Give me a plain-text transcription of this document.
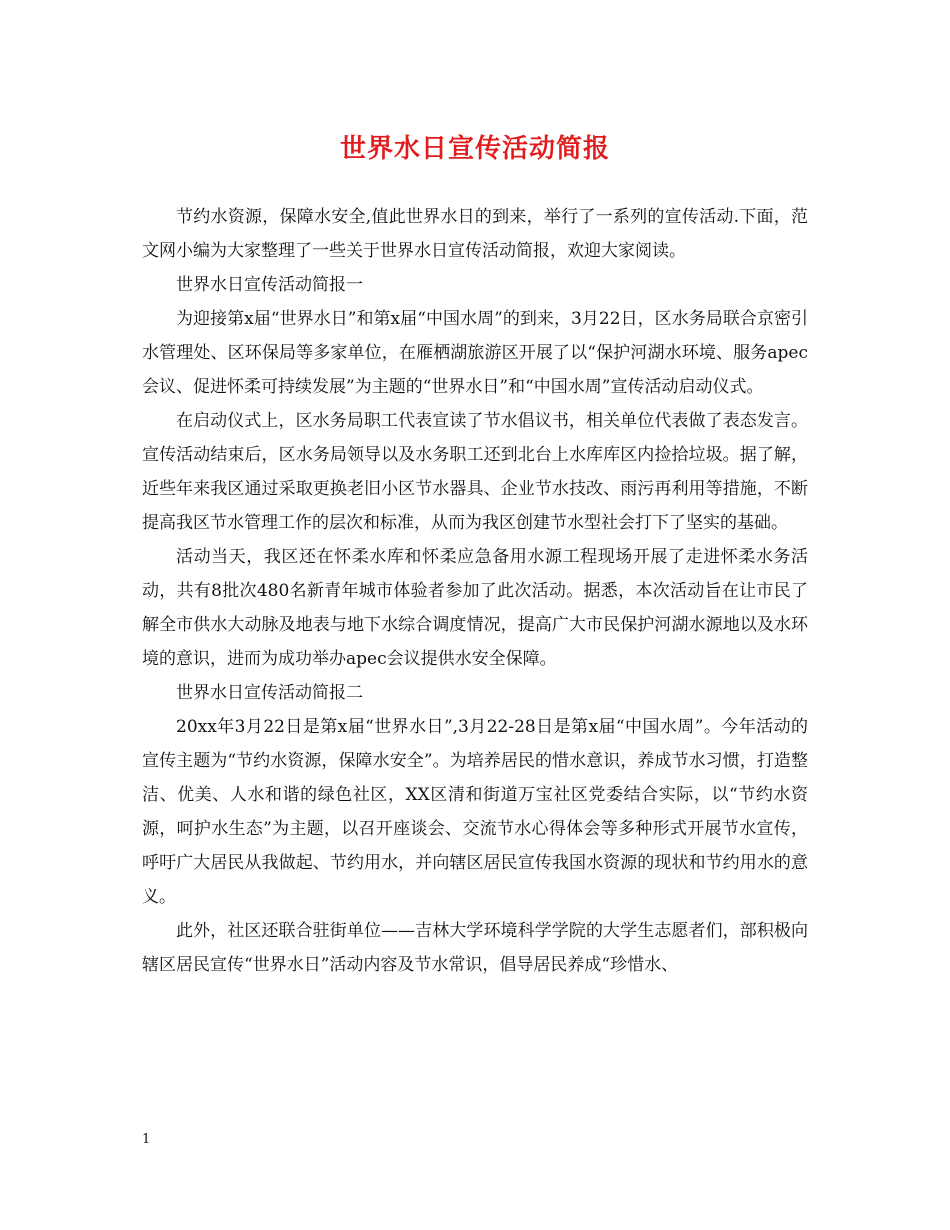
世界水日宣传活动简报

节约水资源，保障水安全,值此世界水日的到来，举行了一系列的宣传活动.下面，范文网小编为大家整理了一些关于世界水日宣传活动简报，欢迎大家阅读。

世界水日宣传活动简报一

为迎接第x届“世界水日”和第x届“中国水周”的到来，3月22日，区水务局联合京密引水管理处、区环保局等多家单位，在雁栖湖旅游区开展了以“保护河湖水环境、服务apec会议、促进怀柔可持续发展”为主题的“世界水日”和“中国水周”宣传活动启动仪式。

在启动仪式上，区水务局职工代表宣读了节水倡议书，相关单位代表做了表态发言。宣传活动结束后，区水务局领导以及水务职工还到北台上水库库区内捡拾垃圾。据了解，近些年来我区通过采取更换老旧小区节水器具、企业节水技改、雨污再利用等措施，不断提高我区节水管理工作的层次和标准，从而为我区创建节水型社会打下了坚实的基础。

活动当天，我区还在怀柔水库和怀柔应急备用水源工程现场开展了走进怀柔水务活动，共有8批次480名新青年城市体验者参加了此次活动。据悉，本次活动旨在让市民了解全市供水大动脉及地表与地下水综合调度情况，提高广大市民保护河湖水源地以及水环境的意识，进而为成功举办apec会议提供水安全保障。

世界水日宣传活动简报二

20xx年3月22日是第x届“世界水日”,3月22-28日是第x届“中国水周”。今年活动的宣传主题为“节约水资源，保障水安全”。为培养居民的惜水意识，养成节水习惯，打造整洁、优美、人水和谐的绿色社区，XX区清和街道万宝社区党委结合实际，以“节约水资源，呵护水生态”为主题，以召开座谈会、交流节水心得体会等多种形式开展节水宣传，呼吁广大居民从我做起、节约用水，并向辖区居民宣传我国水资源的现状和节约用水的意义。

此外，社区还联合驻街单位——吉林大学环境科学学院的大学生志愿者们，部积极向辖区居民宣传“世界水日”活动内容及节水常识，倡导居民养成“珍惜水、

1
